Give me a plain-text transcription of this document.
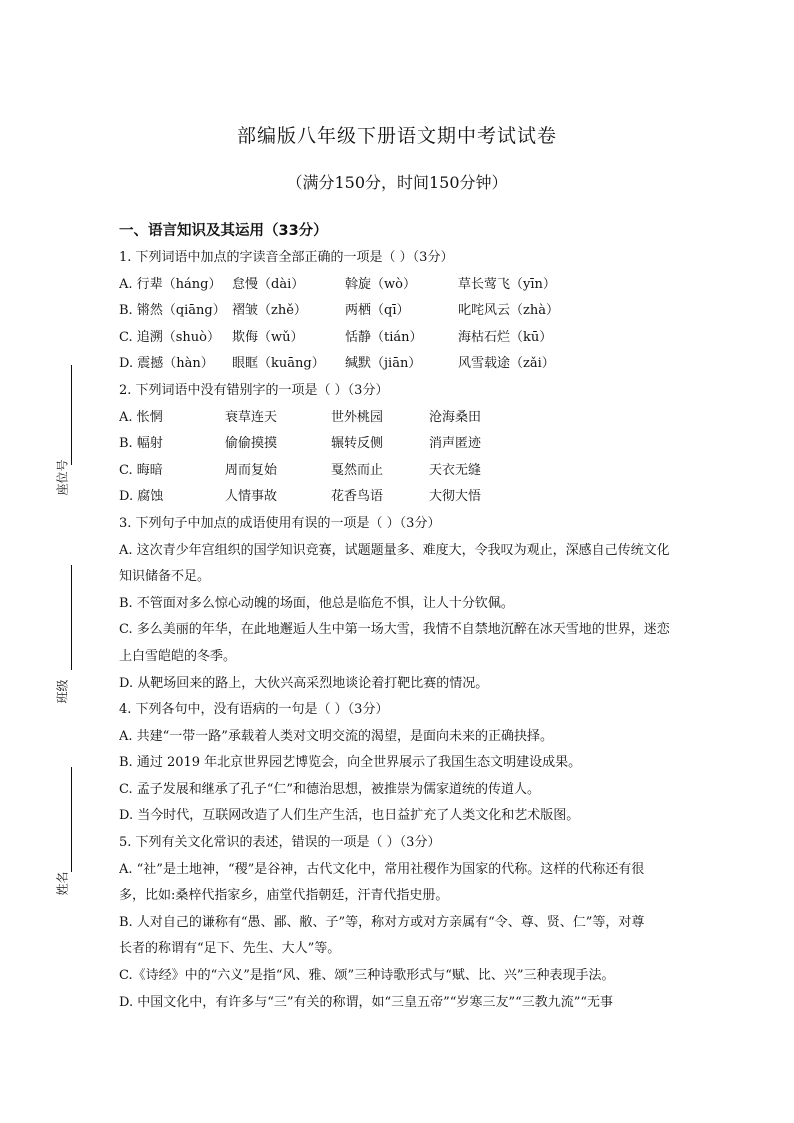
座位号
班级
姓名
部编版八年级下册语文期中考试试卷
（满分150分，时间150分钟）
一、语言知识及其运用（33分）
1. 下列词语中加点的字读音全部正确的一项是（ ）（3分）
A. 行辈（háng） 怠慢（dài）	斡旋（wò）	草长莺飞（yīn）
B. 锵然（qiāng） 褶皱（zhě）	两栖（qī）	叱咤风云（zhà）
C. 追溯（shuò） 欺侮（wǔ）	恬静（tián）	海枯石烂（kū）
D. 震撼（hàn） 眼眶（kuāng） 缄默（jiān）	风雪载途（zǎi）
2. 下列词语中没有错别字的一项是（ ）（3分）
A. 怅惘	衰草连天	世外桃园	沧海桑田
B. 幅射	偷偷摸摸	辗转反侧	消声匿迹
C. 晦暗	周而复始	戛然而止	天衣无缝
D. 腐蚀	人情事故	花香鸟语	大彻大悟
3. 下列句子中加点的成语使用有误的一项是（ ）（3分）
A. 这次青少年宫组织的国学知识竞赛，试题题量多、难度大，令我叹为观止，深感自己传统文化
知识储备不足。
B. 不管面对多么惊心动魄的场面，他总是临危不惧，让人十分钦佩。
C. 多么美丽的年华，在此地邂逅人生中第一场大雪，我情不自禁地沉醉在冰天雪地的世界，迷恋
上白雪皑皑的冬季。
D. 从靶场回来的路上，大伙兴高采烈地谈论着打靶比赛的情况。
4. 下列各句中，没有语病的一句是（ ）（3分）
A. 共建“一带一路”承载着人类对文明交流的渴望，是面向未来的正确抉择。
B. 通过 2019 年北京世界园艺博览会，向全世界展示了我国生态文明建设成果。
C. 孟子发展和继承了孔子“仁”和德治思想，被推崇为儒家道统的传道人。
D. 当今时代，互联网改造了人们生产生活，也日益扩充了人类文化和艺术版图。
5. 下列有关文化常识的表述，错误的一项是（ ）（3分）
A. “社”是土地神，“稷”是谷神，古代文化中，常用社稷作为国家的代称。这样的代称还有很
多，比如:桑梓代指家乡，庙堂代指朝廷，汗青代指史册。
B. 人对自己的谦称有“愚、鄙、敝、子”等，称对方或对方亲属有“令、尊、贤、仁”等，对尊
长者的称谓有“足下、先生、大人”等。
C.《诗经》中的“六义”是指“风、雅、颂”三种诗歌形式与“赋、比、兴”三种表现手法。
D. 中国文化中，有许多与“三”有关的称谓，如“三皇五帝”“岁寒三友”“三教九流”“无事
